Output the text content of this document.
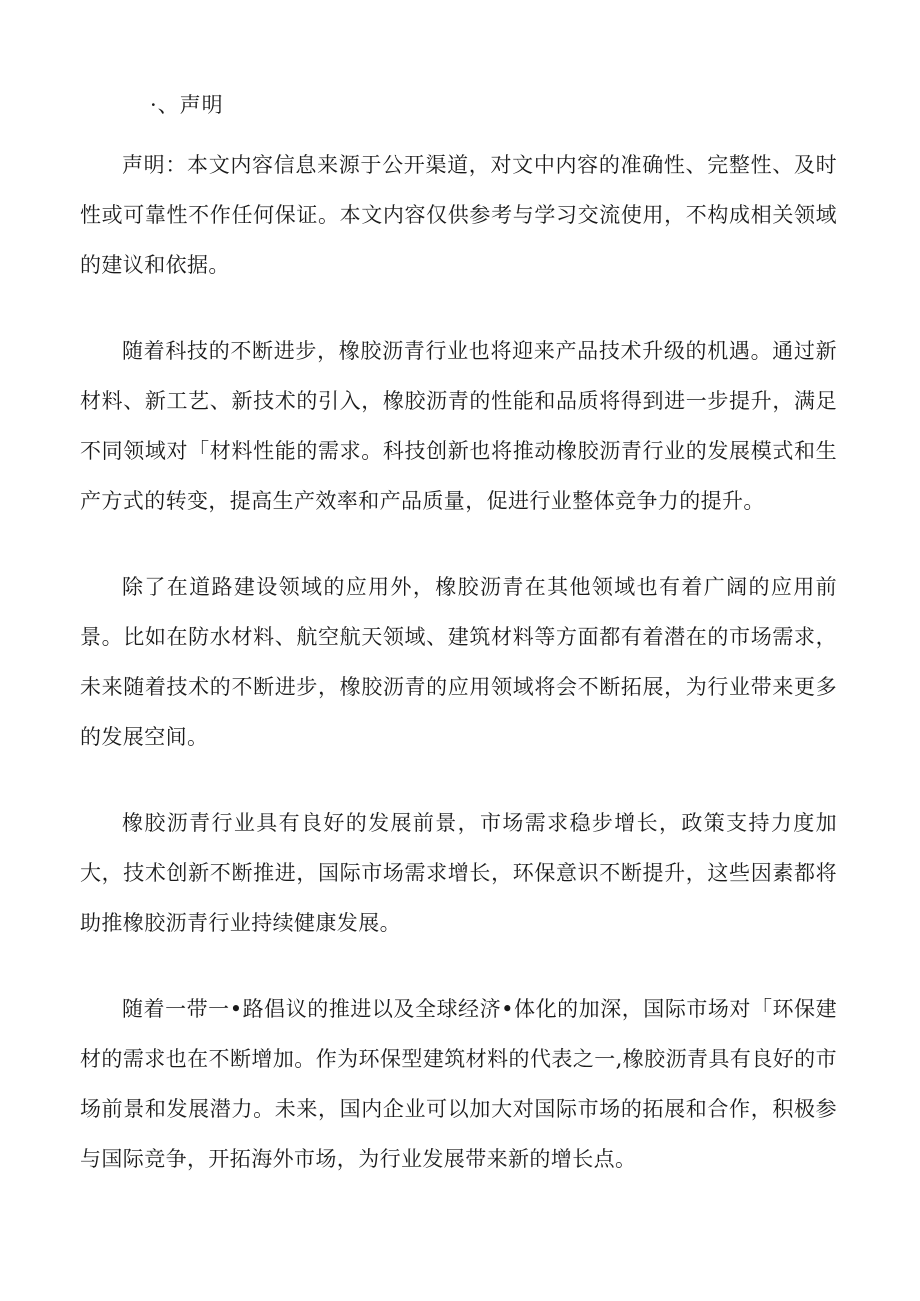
·、声明

声明：本文内容信息来源于公开渠道，对文中内容的准确性、完整性、及时性或可靠性不作任何保证。本文内容仅供参考与学习交流使用，不构成相关领域的建议和依据。

随着科技的不断进步，橡胶沥青行业也将迎来产品技术升级的机遇。通过新材料、新工艺、新技术的引入，橡胶沥青的性能和品质将得到进一步提升，满足不同领域对「材料性能的需求。科技创新也将推动橡胶沥青行业的发展模式和生产方式的转变，提高生产效率和产品质量，促进行业整体竞争力的提升。

除了在道路建设领域的应用外，橡胶沥青在其他领域也有着广阔的应用前景。比如在防水材料、航空航天领域、建筑材料等方面都有着潜在的市场需求，未来随着技术的不断进步，橡胶沥青的应用领域将会不断拓展，为行业带来更多的发展空间。

橡胶沥青行业具有良好的发展前景，市场需求稳步增长，政策支持力度加大，技术创新不断推进，国际市场需求增长，环保意识不断提升，这些因素都将助推橡胶沥青行业持续健康发展。

随着一带一•路倡议的推进以及全球经济•体化的加深，国际市场对「环保建材的需求也在不断增加。作为环保型建筑材料的代表之一,橡胶沥青具有良好的市场前景和发展潜力。未来，国内企业可以加大对国际市场的拓展和合作，积极参与国际竞争，开拓海外市场，为行业发展带来新的增长点。
